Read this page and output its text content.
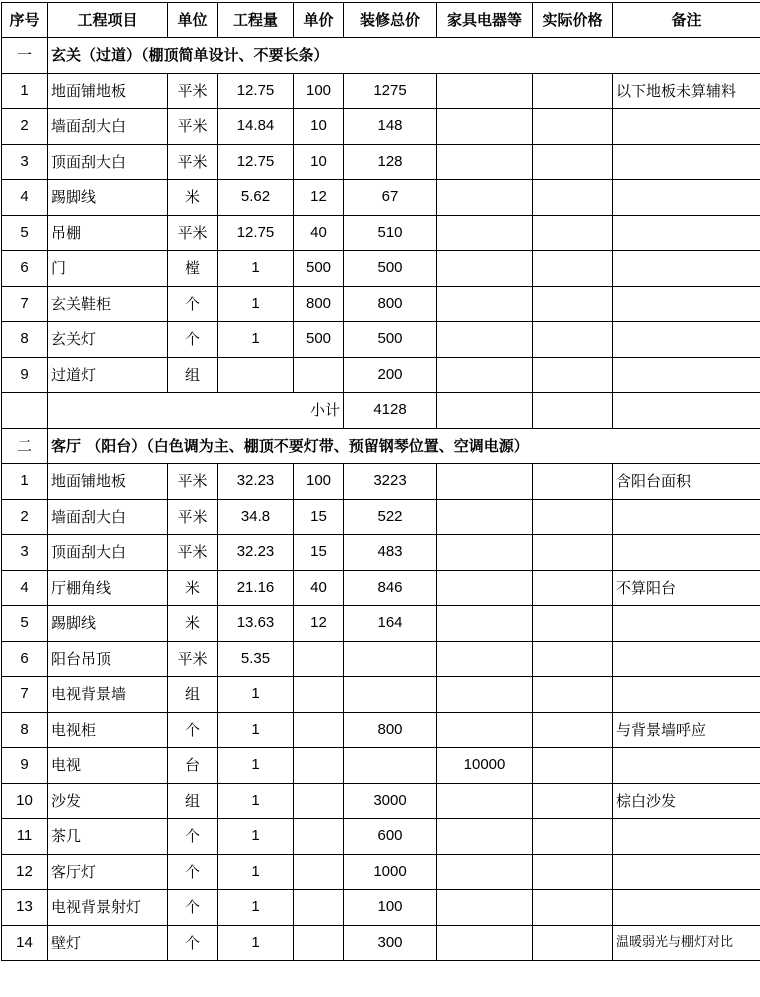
序号	工程项目	单位	工程量	单价	装修总价	家具电器等	实际价格	备注
一	玄关（过道）（棚顶简单设计、不要长条）							
1	地面铺地板	平米	12.75	100	1275			以下地板未算辅料
2	墙面刮大白	平米	14.84	10	148			
3	顶面刮大白	平米	12.75	10	128			
4	踢脚线	米	5.62	12	67			
5	吊棚	平米	12.75	40	510			
6	门	樘	1	500	500			
7	玄关鞋柜	个	1	800	800			
8	玄关灯	个	1	500	500			
9	过道灯	组			200			
	小计				4128			
二	客厅 （阳台）（白色调为主、棚顶不要灯带、预留钢琴位置、空调电源）							
1	地面铺地板	平米	32.23	100	3223			含阳台面积
2	墙面刮大白	平米	34.8	15	522			
3	顶面刮大白	平米	32.23	15	483			
4	厅棚角线	米	21.16	40	846			不算阳台
5	踢脚线	米	13.63	12	164			
6	阳台吊顶	平米	5.35					
7	电视背景墙	组	1					
8	电视柜	个	1		800			与背景墙呼应
9	电视	台	1			10000		
10	沙发	组	1		3000			棕白沙发
11	茶几	个	1		600			
12	客厅灯	个	1		1000			
13	电视背景射灯	个	1		100			
14	壁灯	个	1		300			温暖弱光与棚灯对比
